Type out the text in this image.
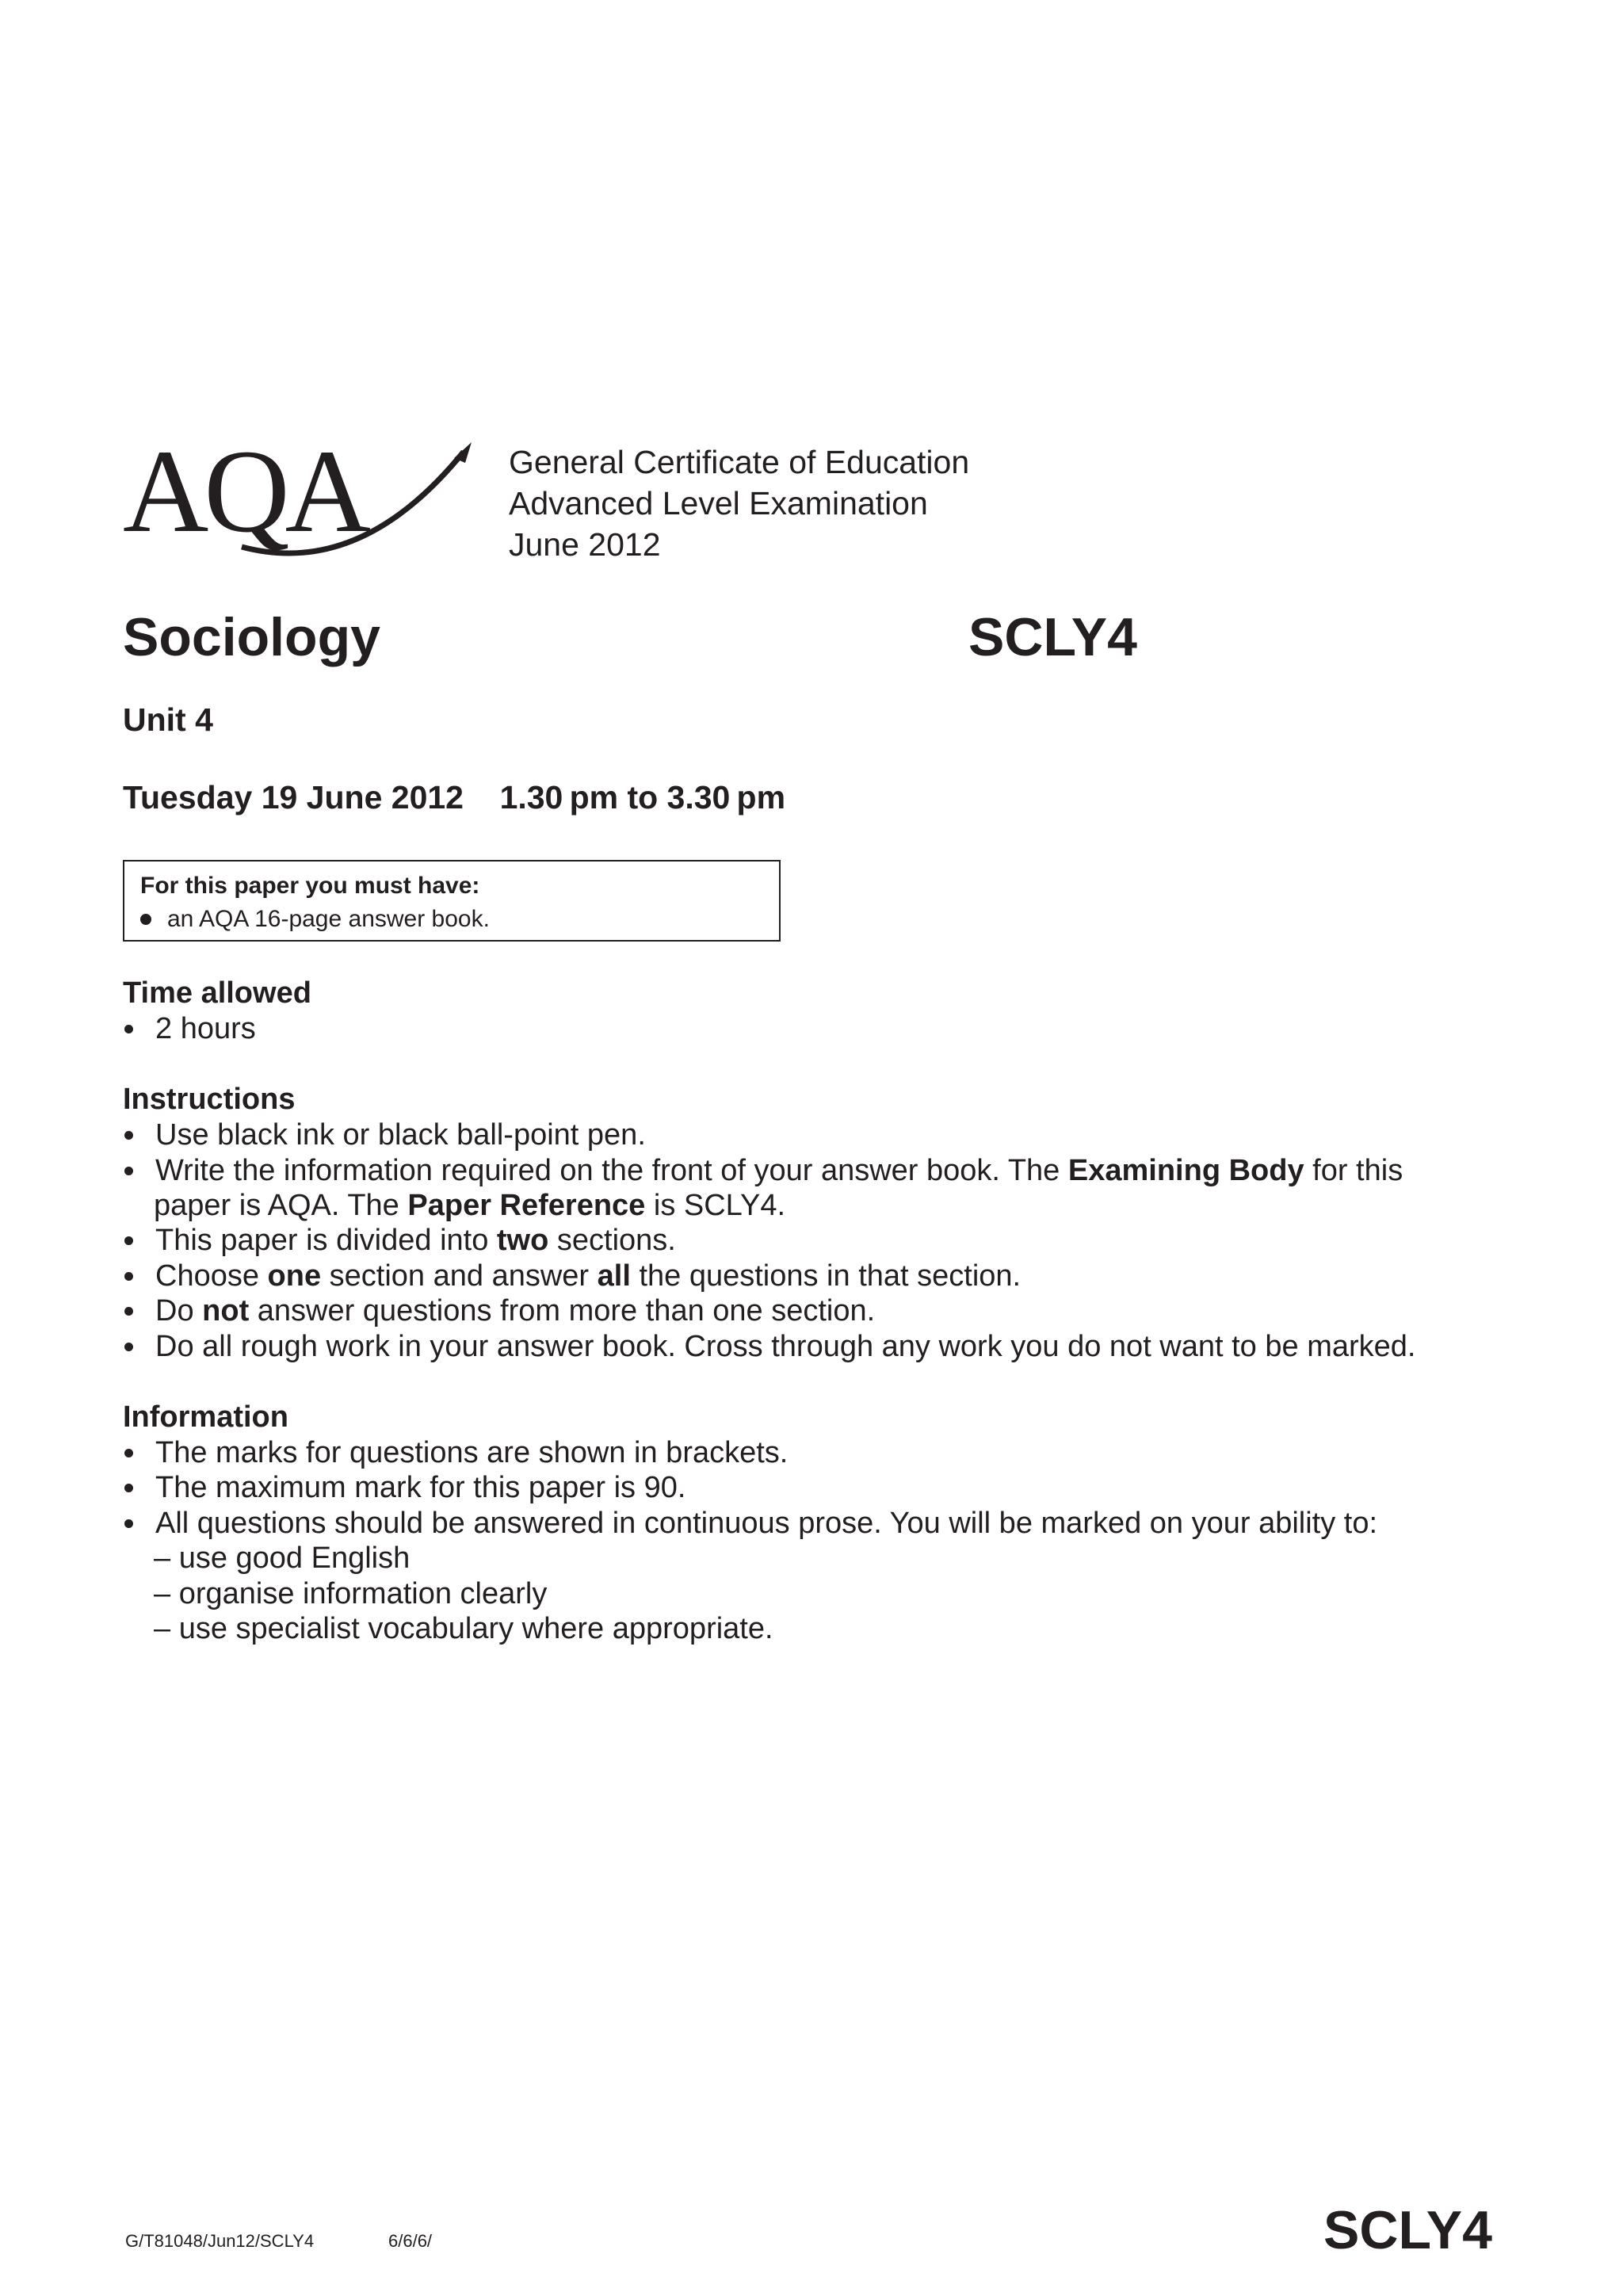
AQA	General Certificate of Education
Advanced Level Examination
June 2012
Sociology	SCLY4
Unit 4
Tuesday 19 June 2012 1.30 pm to 3.30 pm
For this paper you must have:
an AQA 16-page answer book.
Time allowed
2 hours
Instructions
Use black ink or black ball-point pen.
Write the information required on the front of your answer book. The Examining Body for this
paper is AQA. The Paper Reference is SCLY4.
This paper is divided into two sections.
Choose one section and answer all the questions in that section.
Do not answer questions from more than one section.
Do all rough work in your answer book. Cross through any work you do not want to be marked.
Information
The marks for questions are shown in brackets.
The maximum mark for this paper is 90.
All questions should be answered in continuous prose. You will be marked on your ability to:
– use good English
– organise information clearly
– use specialist vocabulary where appropriate.
G/T81048/Jun12/SCLY4	6/6/6/	SCLY4
